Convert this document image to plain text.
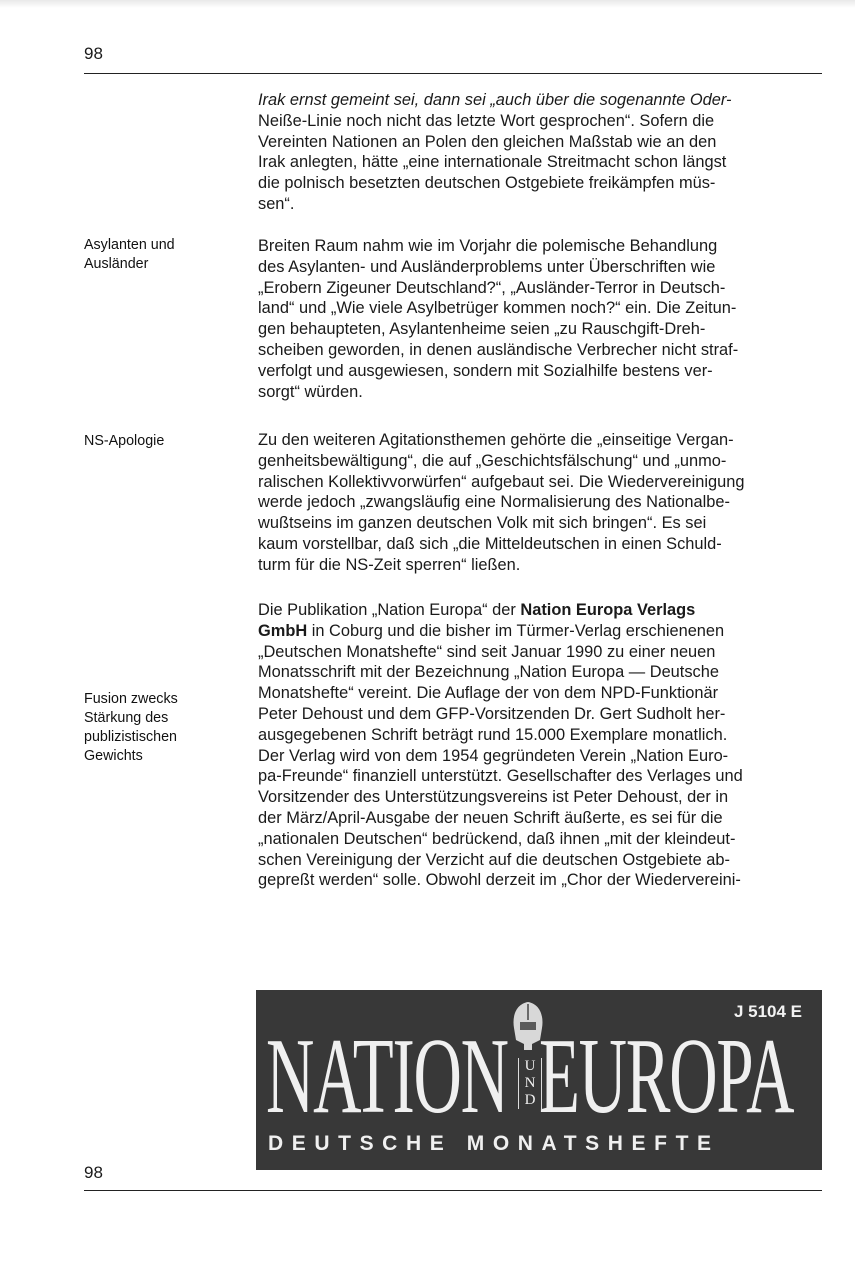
98
Asylanten und
Ausländer
NS-Apologie
Fusion zwecks
Stärkung des
publizistischen
Gewichts
Irak ernst gemeint sei, dann sei „auch über die sogenannte Oder-
Neiße-Linie noch nicht das letzte Wort gesprochen“. Sofern die
Vereinten Nationen an Polen den gleichen Maßstab wie an den
Irak anlegten, hätte „eine internationale Streitmacht schon längst
die polnisch besetzten deutschen Ostgebiete freikämpfen müs-
sen“.
Breiten Raum nahm wie im Vorjahr die polemische Behandlung
des Asylanten- und Ausländerproblems unter Überschriften wie
„Erobern Zigeuner Deutschland?“, „Ausländer-Terror in Deutsch-
land“ und „Wie viele Asylbetrüger kommen noch?“ ein. Die Zeitun-
gen behaupteten, Asylantenheime seien „zu Rauschgift-Dreh-
scheiben geworden, in denen ausländische Verbrecher nicht straf-
verfolgt und ausgewiesen, sondern mit Sozialhilfe bestens ver-
sorgt“ würden.
Zu den weiteren Agitationsthemen gehörte die „einseitige Vergan-
genheitsbewältigung“, die auf „Geschichtsfälschung“ und „unmo-
ralischen Kollektivvorwürfen“ aufgebaut sei. Die Wiedervereinigung
werde jedoch „zwangsläufig eine Normalisierung des Nationalbe-
wußtseins im ganzen deutschen Volk mit sich bringen“. Es sei
kaum vorstellbar, daß sich „die Mitteldeutschen in einen Schuld-
turm für die NS-Zeit sperren“ ließen.
Die Publikation „Nation Europa“ der Nation Europa Verlags
GmbH in Coburg und die bisher im Türmer-Verlag erschienenen
„Deutschen Monatshefte“ sind seit Januar 1990 zu einer neuen
Monatsschrift mit der Bezeichnung „Nation Europa — Deutsche
Monatshefte“ vereint. Die Auflage der von dem NPD-Funktionär
Peter Dehoust und dem GFP-Vorsitzenden Dr. Gert Sudholt her-
ausgegebenen Schrift beträgt rund 15.000 Exemplare monatlich.
Der Verlag wird von dem 1954 gegründeten Verein „Nation Euro-
pa-Freunde“ finanziell unterstützt. Gesellschafter des Verlages und
Vorsitzender des Unterstützungsvereins ist Peter Dehoust, der in
der März/April-Ausgabe der neuen Schrift äußerte, es sei für die
„nationalen Deutschen“ bedrückend, daß ihnen „mit der kleindeut-
schen Vereinigung der Verzicht auf die deutschen Ostgebiete ab-
gepreßt werden“ solle. Obwohl derzeit im „Chor der Wiedervereini-
J 5104 E
NATION	U
N
D EUROPA
DEUTSCHE MONATSHEFTE
98
